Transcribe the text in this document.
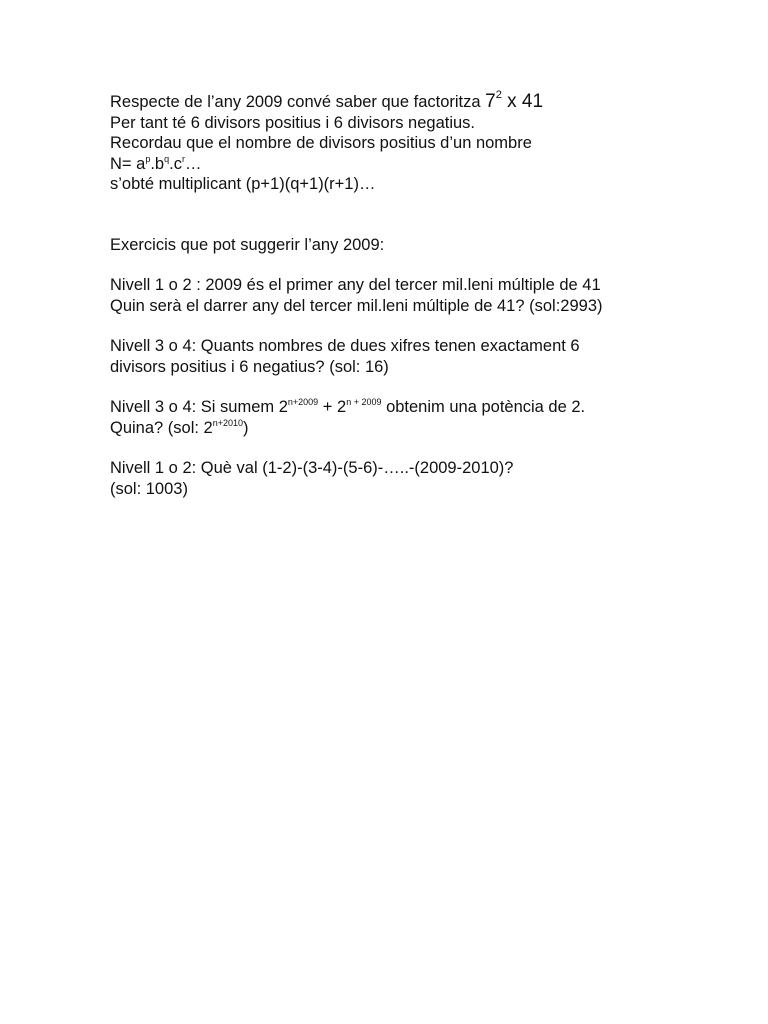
Respecte de l’any 2009 convé saber que factoritza $7^2$ x 41
Per tant té 6 divisors positius i 6 divisors negatius.
Recordau que el nombre de divisors positius d’un nombre
$N= a^p.b^q.c^r\dots$
s’obté multiplicant (p+1)(q+1)(r+1)…
Exercicis que pot suggerir l’any 2009:
Nivell 1 o 2 : 2009 és el primer any del tercer mil.leni múltiple de 41
Quin serà el darrer any del tercer mil.leni múltiple de 41? (sol:2993)
Nivell 3 o 4: Quants nombres de dues xifres tenen exactament 6
divisors positius i 6 negatius? (sol: 16)
Nivell 3 o 4: Si sumem $2^{n+2009} + 2^{n + 2009}$ obtenim una potència de 2.
Quina? (sol: $2^{n+2010}$)
Nivell 1 o 2: Què val (1-2)-(3-4)-(5-6)-…..-(2009-2010)?
(sol: 1003)
